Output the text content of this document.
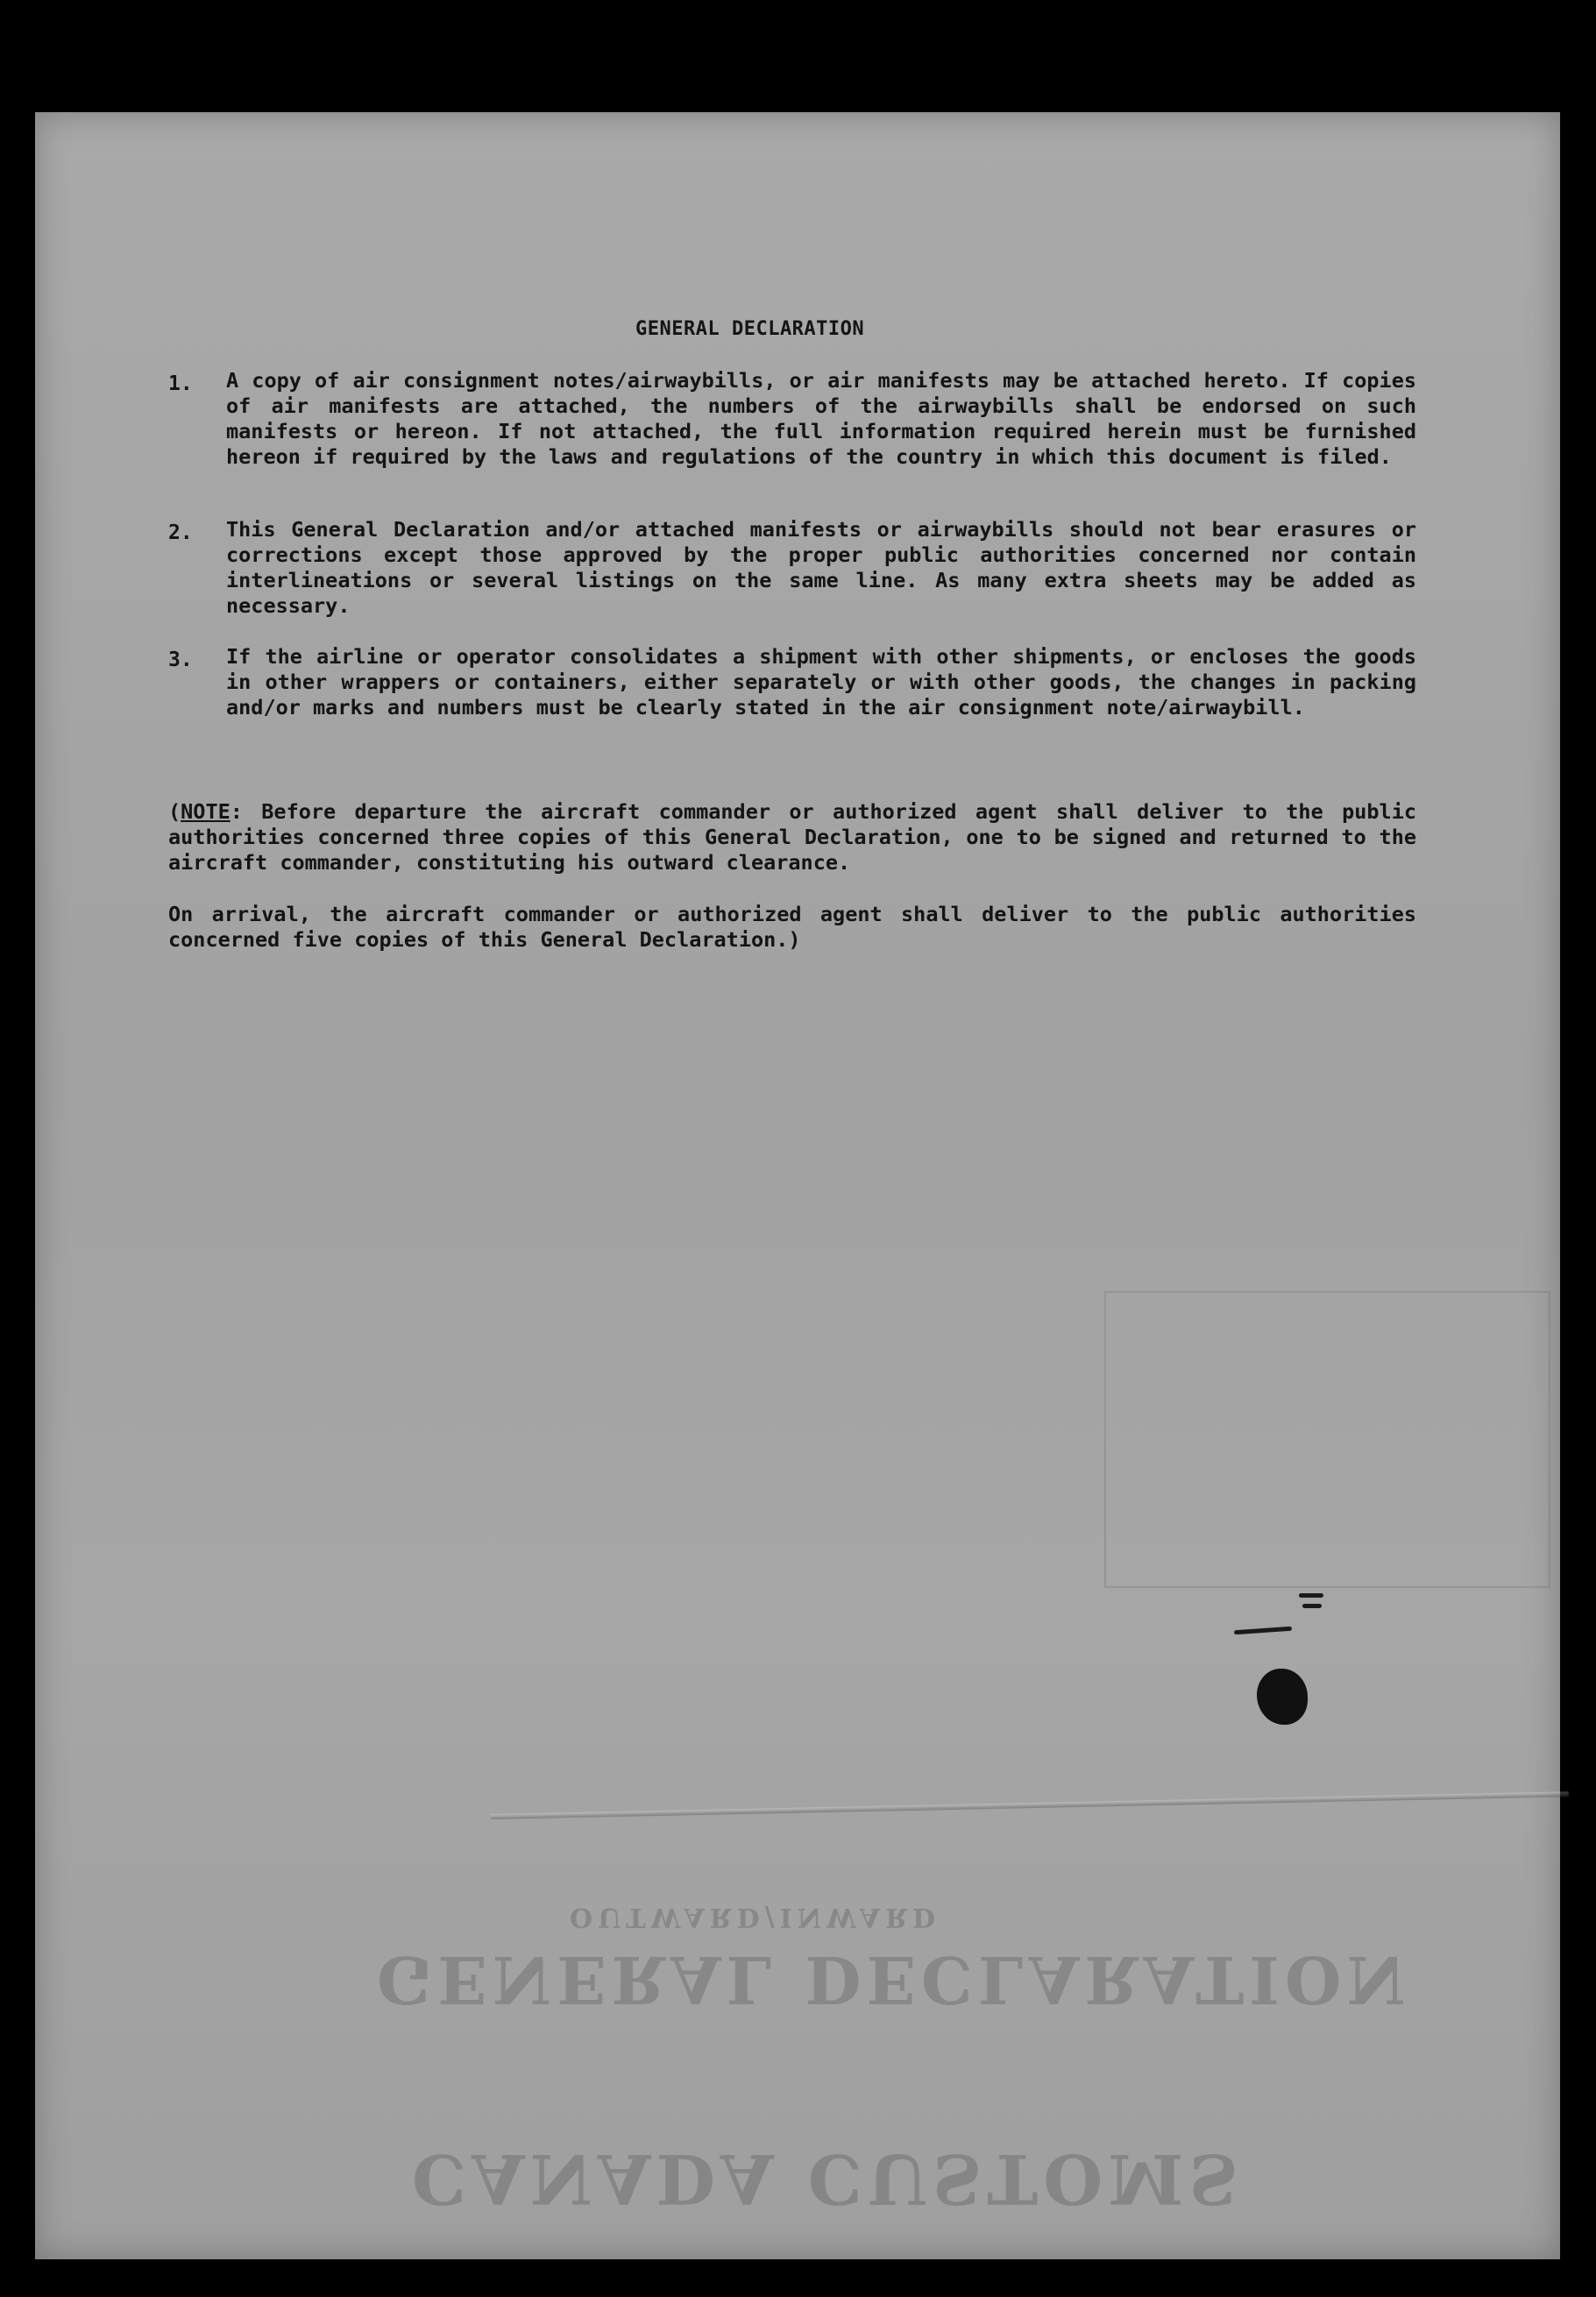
CANADA CUSTOMS
GENERAL DECLARATION
OUTWARD/INWARD
GENERAL DECLARATION
1. A copy of air consignment notes/airwaybills, or air manifests may be attached hereto. If copies of air manifests are attached, the numbers of the airwaybills shall be endorsed on such manifests or hereon. If not attached, the full information required herein must be furnished hereon if required by the laws and regulations of the country in which this document is filed.
2. This General Declaration and/or attached manifests or airwaybills should not bear erasures or corrections except those approved by the proper public authorities concerned nor contain interlineations or several listings on the same line. As many extra sheets may be added as necessary.
3. If the airline or operator consolidates a shipment with other shipments, or encloses the goods in other wrappers or containers, either separately or with other goods, the changes in packing and/or marks and numbers must be clearly stated in the air consignment note/airwaybill.
(NOTE: Before departure the aircraft commander or authorized agent shall deliver to the public authorities concerned three copies of this General Declaration, one to be signed and returned to the aircraft commander, constituting his outward clearance.
On arrival, the aircraft commander or authorized agent shall deliver to the public authorities concerned five copies of this General Declaration.)
